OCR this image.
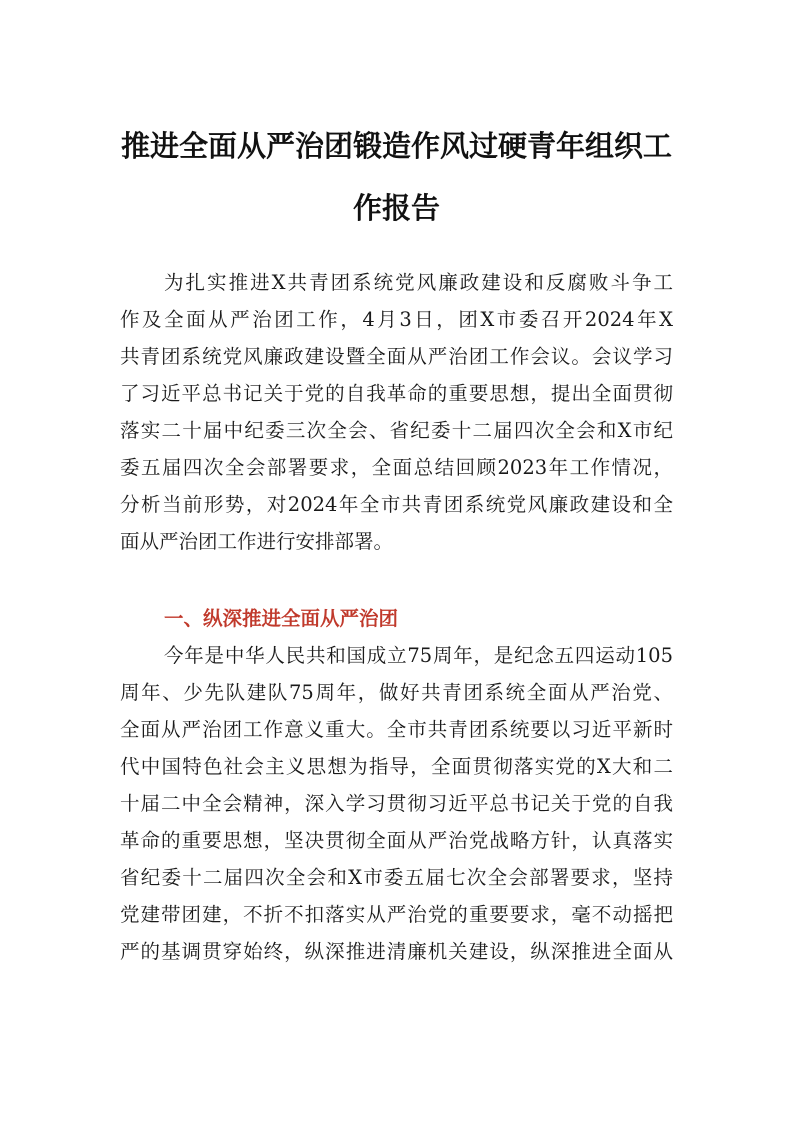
推进全面从严治团锻造作风过硬青年组织工
作报告

为扎实推进X共青团系统党风廉政建设和反腐败斗争工

作及全面从严治团工作，4月3日，团X市委召开2024年X

共青团系统党风廉政建设暨全面从严治团工作会议。会议学习

了习近平总书记关于党的自我革命的重要思想，提出全面贯彻

落实二十届中纪委三次全会、省纪委十二届四次全会和X市纪

委五届四次全会部署要求，全面总结回顾2023年工作情况，

分析当前形势，对2024年全市共青团系统党风廉政建设和全

面从严治团工作进行安排部署。

一、纵深推进全面从严治团

今年是中华人民共和国成立75周年，是纪念五四运动105

周年、少先队建队75周年，做好共青团系统全面从严治党、

全面从严治团工作意义重大。全市共青团系统要以习近平新时

代中国特色社会主义思想为指导，全面贯彻落实党的X大和二

十届二中全会精神，深入学习贯彻习近平总书记关于党的自我

革命的重要思想，坚决贯彻全面从严治党战略方针，认真落实

省纪委十二届四次全会和X市委五届七次全会部署要求，坚持

党建带团建，不折不扣落实从严治党的重要要求，毫不动摇把

严的基调贯穿始终，纵深推进清廉机关建设，纵深推进全面从
